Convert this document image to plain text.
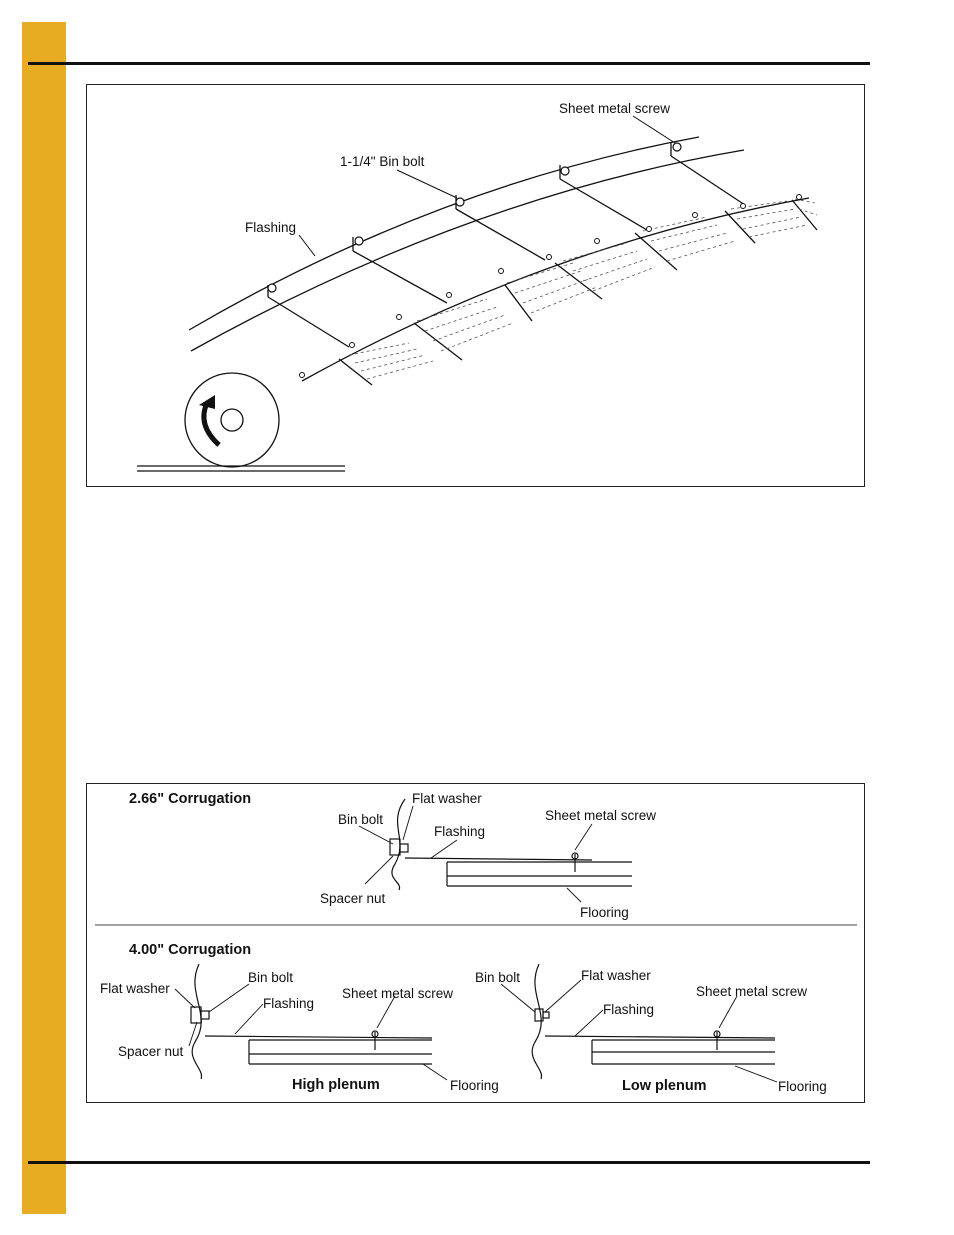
Sheet metal screw
1-1/4" Bin bolt
Flashing
2.66" Corrugation	Flat washer
Bin bolt
Flashing
Sheet metal screw
Spacer nut
Flooring
4.00" Corrugation
Flat washer
Bin bolt
Flashing
Sheet metal screw
Spacer nut
High plenum	Flooring
Bin bolt	Flat washer
Flashing
Sheet metal screw
Low plenum	Flooring
